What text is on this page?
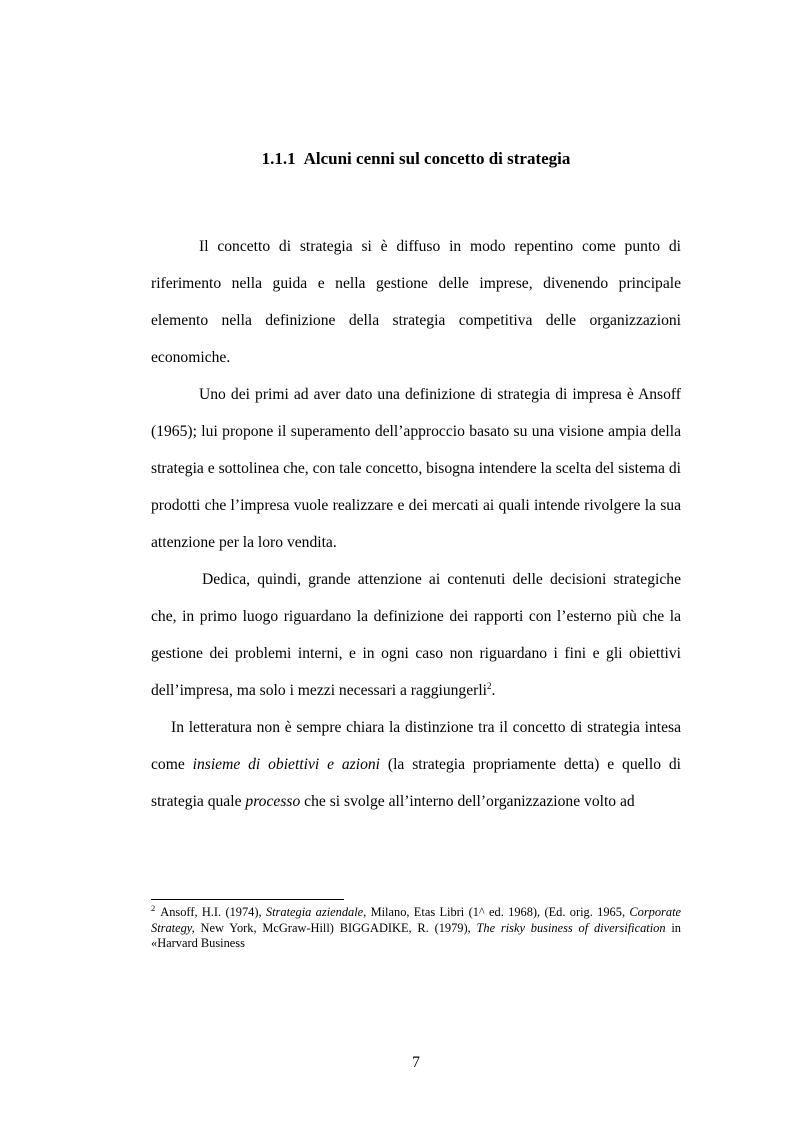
1.1.1 Alcuni cenni sul concetto di strategia

Il concetto di strategia si è diffuso in modo repentino come punto di riferimento nella guida e nella gestione delle imprese, divenendo principale elemento nella definizione della strategia competitiva delle organizzazioni economiche.

Uno dei primi ad aver dato una definizione di strategia di impresa è Ansoff (1965); lui propone il superamento dell’approccio basato su una visione ampia della strategia e sottolinea che, con tale concetto, bisogna intendere la scelta del sistema di prodotti che l’impresa vuole realizzare e dei mercati ai quali intende rivolgere la sua attenzione per la loro vendita.

Dedica, quindi, grande attenzione ai contenuti delle decisioni strategiche che, in primo luogo riguardano la definizione dei rapporti con l’esterno più che la gestione dei problemi interni, e in ogni caso non riguardano i fini e gli obiettivi dell’impresa, ma solo i mezzi necessari a raggiungerli$^2$.

In letteratura non è sempre chiara la distinzione tra il concetto di strategia intesa come insieme di obiettivi e azioni (la strategia propriamente detta) e quello di strategia quale processo che si svolge all’interno dell’organizzazione volto ad

$^2$ Ansoff, H.I. (1974), Strategia aziendale, Milano, Etas Libri (1^ ed. 1968), (Ed. orig. 1965, Corporate Strategy, New York, McGraw-Hill) BIGGADIKE, R. (1979), The risky business of diversification in «Harvard Business

7
